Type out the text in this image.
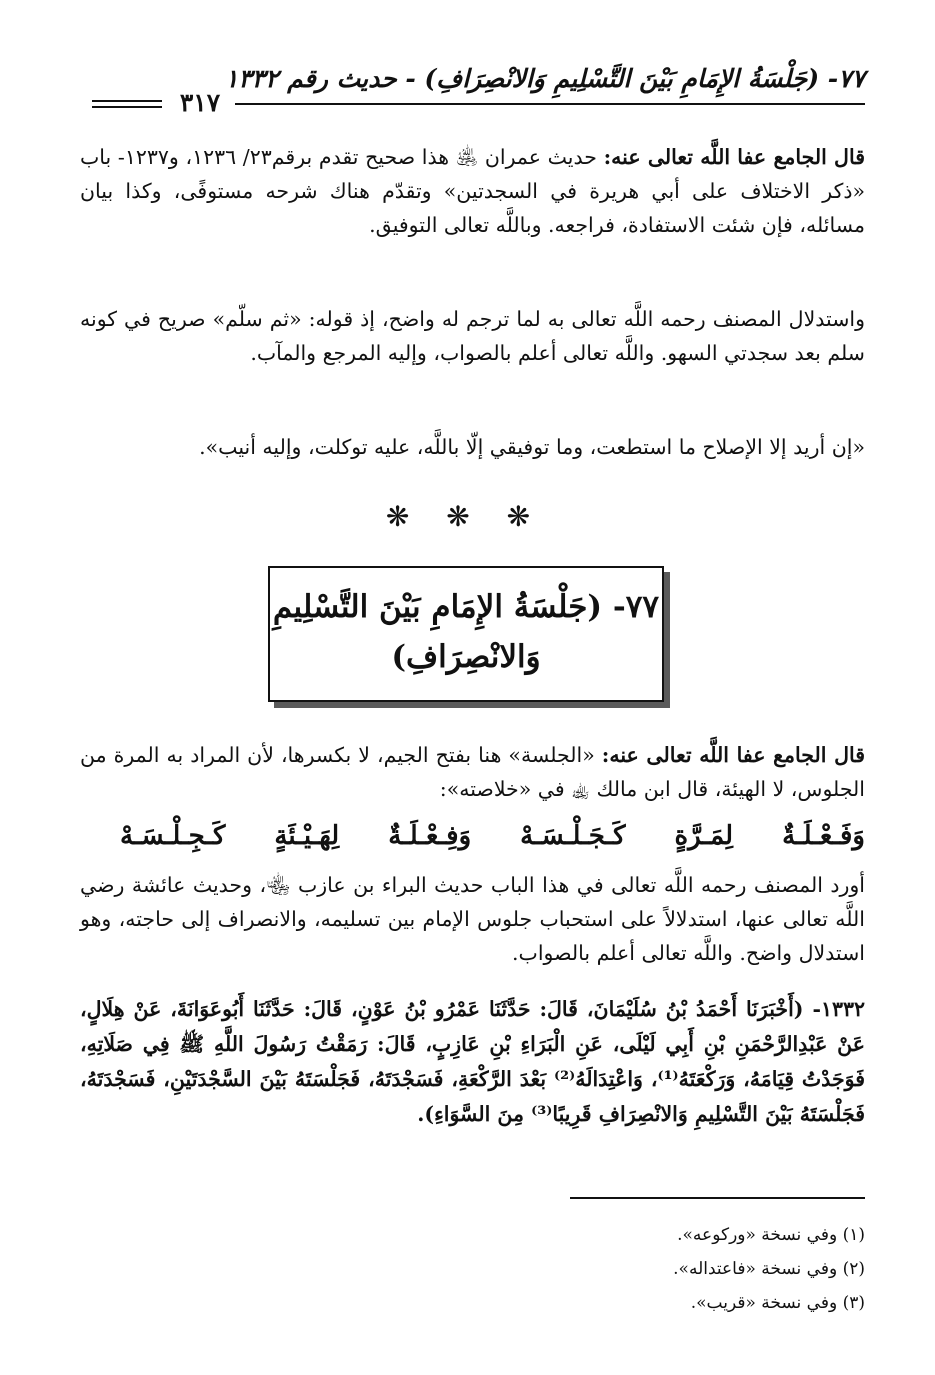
٧٧- (جَلْسَةُ الإِمَامِ بَيْنَ التَّسْلِيمِ وَالانْصِرَافِ) - حديث رقم ١٣٣٢
٣١٧
قال الجامع عفا اللَّه تعالى عنه: حديث عمران ﵁ هذا صحيح تقدم برقم٢٣/ ١٢٣٦، و١٢٣٧- باب «ذكر الاختلاف على أبي هريرة في السجدتين» وتقدّم هناك شرحه مستوفًى، وكذا بيان مسائله، فإن شئت الاستفادة، فراجعه. وباللَّه تعالى التوفيق.
واستدلال المصنف رحمه اللَّه تعالى به لما ترجم له واضح، إذ قوله: «ثم سلّم» صريح في كونه سلم بعد سجدتي السهو. واللَّه تعالى أعلم بالصواب، وإليه المرجع والمآب.
«إن أريد إلا الإصلاح ما استطعت، وما توفيقي إلّا باللَّه، عليه توكلت، وإليه أنيب».
❋ ❋ ❋
٧٧- (جَلْسَةُ الإِمَامِ بَيْنَ التَّسْلِيمِ
وَالانْصِرَافِ)
قال الجامع عفا اللَّه تعالى عنه: «الجلسة» هنا بفتح الجيم، لا بكسرها، لأن المراد به المرة من الجلوس، لا الهيئة، قال ابن مالك ﵀ في «خلاصته»:
وَفَـعْـلَـةٌ
لِمَـرَّةٍ
كَـجَـلْـسَـهْ
وَفِـعْـلَـةٌ
لِهَـيْـئَةٍ
كَـجِـلْـسَـهْ
أورد المصنف رحمه اللَّه تعالى في هذا الباب حديث البراء بن عازب ﵄، وحديث عائشة رضي اللَّه تعالى عنها، استدلالاً على استحباب جلوس الإمام بين تسليمه، والانصراف إلى حاجته، وهو استدلال واضح. واللَّه تعالى أعلم بالصواب.
١٣٣٢- (أَخْبَرَنَا أَحْمَدُ بْنُ سُلَيْمَانَ، قَالَ: حَدَّثَنَا عَمْرُو بْنُ عَوْنٍ، قَالَ: حَدَّثَنَا أَبُوعَوَانَةَ، عَنْ هِلَالٍ، عَنْ عَبْدِالرَّحْمَنِ بْنِ أَبِي لَيْلَى، عَنِ الْبَرَاءِ بْنِ عَازِبٍ، قَالَ: رَمَقْتُ رَسُولَ اللَّهِ ﷺ فِي صَلَاتِهِ، فَوَجَدْتُ قِيَامَهُ، وَرَكْعَتَهُ⁽¹⁾، وَاعْتِدَالَهُ⁽²⁾ بَعْدَ الرَّكْعَةِ، فَسَجْدَتَهُ، فَجَلْسَتَهُ بَيْنَ السَّجْدَتَيْنِ، فَسَجْدَتَهُ، فَجَلْسَتَهُ بَيْنَ التَّسْلِيمِ وَالانْصِرَافِ قَرِيبًا⁽³⁾ مِنَ السَّوَاءِ).
(١) وفي نسخة «وركوعه».
(٢) وفي نسخة «فاعتداله».
(٣) وفي نسخة «قريب».
